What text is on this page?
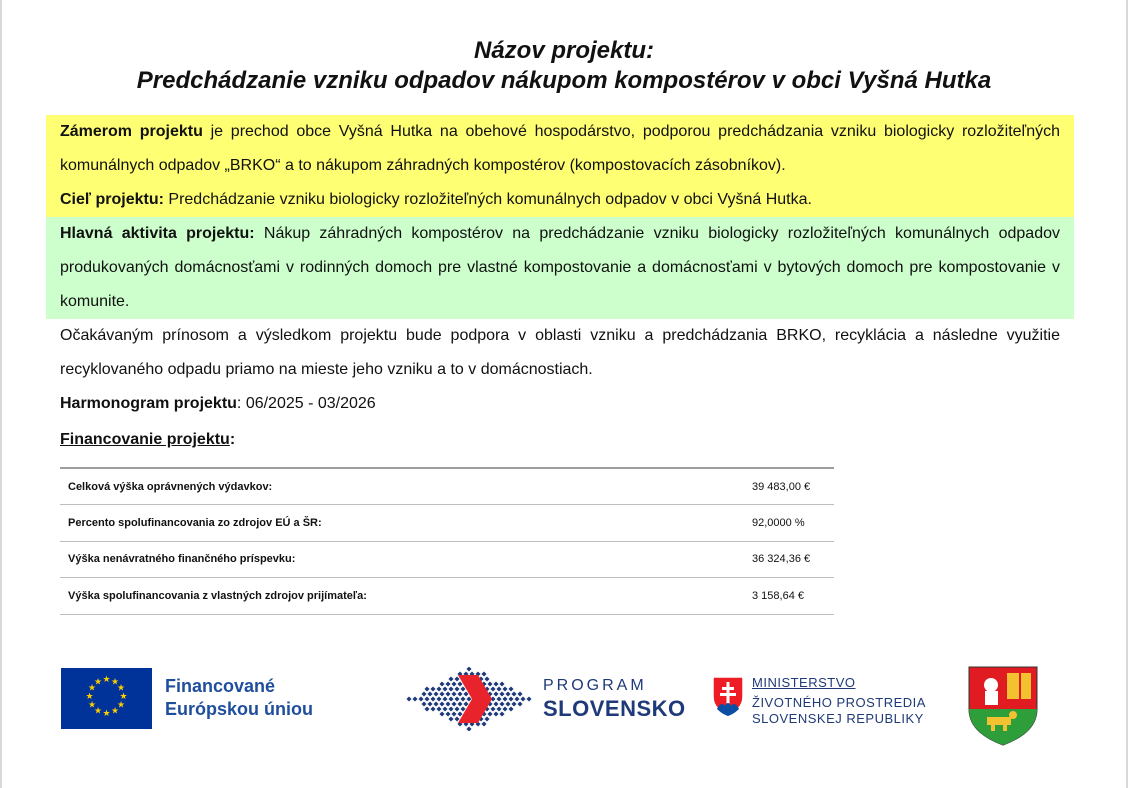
Názov projektu:
Predchádzanie vzniku odpadov nákupom kompostérov v obci Vyšná Hutka
Zámerom projektu je prechod obce Vyšná Hutka na obehové hospodárstvo, podporou predchádzania vzniku biologicky rozložiteľných komunálnych odpadov „BRKO“ a to nákupom záhradných kompostérov (kompostovacích zásobníkov).
Cieľ projektu: Predchádzanie vzniku biologicky rozložiteľných komunálnych odpadov v obci Vyšná Hutka.
Hlavná aktivita projektu: Nákup záhradných kompostérov na predchádzanie vzniku biologicky rozložiteľných komunálnych odpadov produkovaných domácnosťami v rodinných domoch pre vlastné kompostovanie a domácnosťami v bytových domoch pre kompostovanie v komunite.
Očakávaným prínosom a výsledkom projektu bude podpora v oblasti vzniku a predchádzania BRKO, recyklácia a následne využitie recyklovaného odpadu priamo na mieste jeho vzniku a to v domácnostiach.
Harmonogram projektu: 06/2025 - 03/2026
Financovanie projektu:
Celková výška oprávnených výdavkov:	39 483,00 €
Percento spolufinancovania zo zdrojov EÚ a ŠR:	92,0000 %
Výška nenávratného finančného príspevku:	36 324,36 €
Výška spolufinancovania z vlastných zdrojov prijímateľa:	3 158,64 €
★ ★
★
★
★
★
★
★
★
★
★
★	Financované
Európskou úniou
PROGRAM
SLOVENSKO
MINISTERSTVO
ŽIVOTNÉHO PROSTREDIA
SLOVENSKEJ REPUBLIKY
